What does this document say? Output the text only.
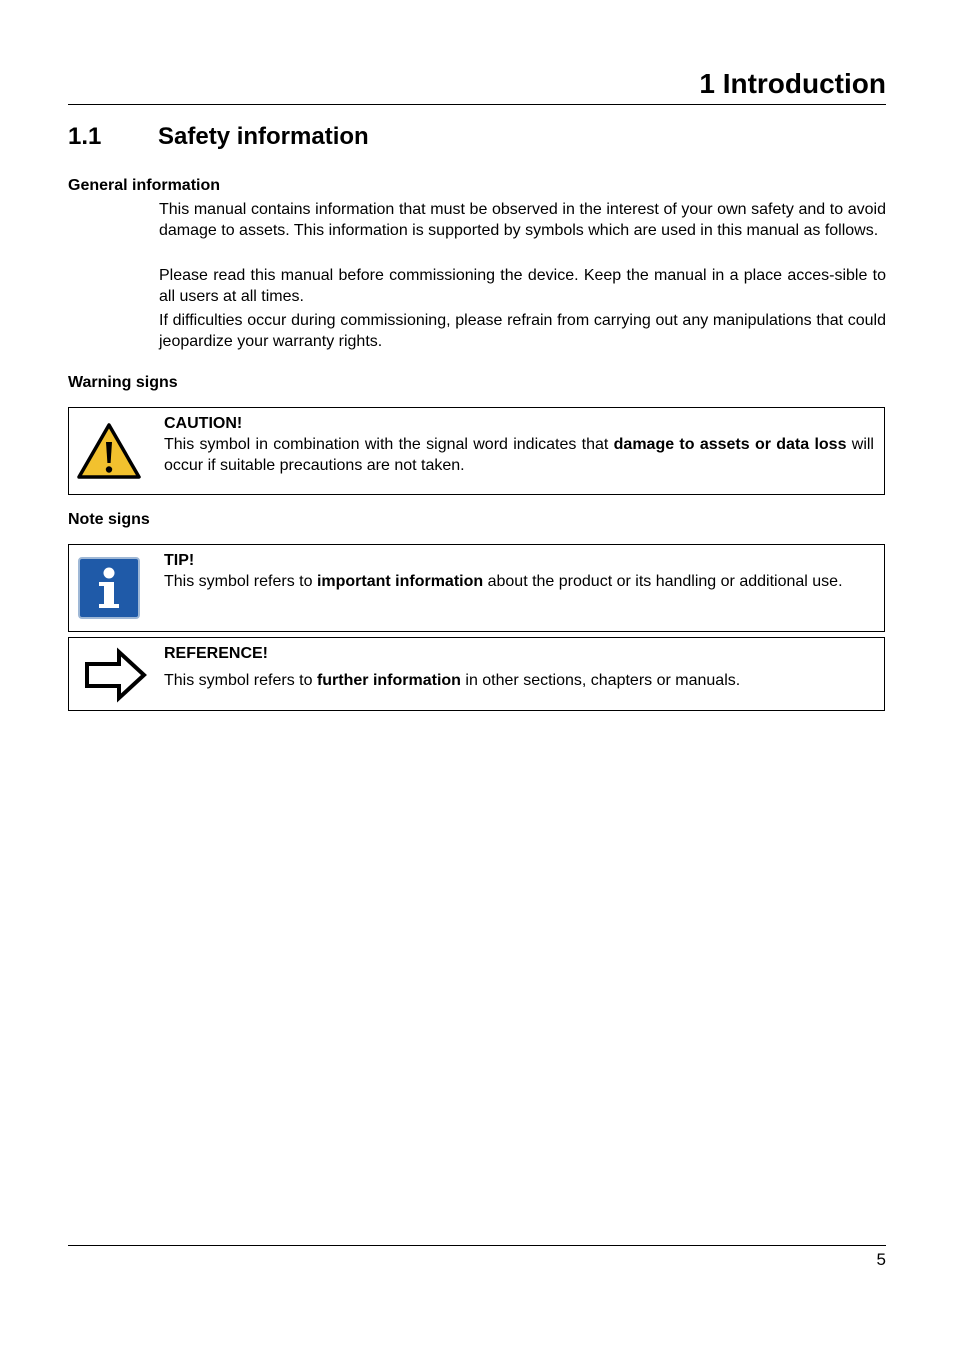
1 Introduction
1.1 Safety information
General information

This manual contains information that must be observed in the interest of your own safety and to avoid damage to assets. This information is supported by symbols which are used in this manual as follows.

Please read this manual before commissioning the device. Keep the manual in a place acces-sible to all users at all times.

If difficulties occur during commissioning, please refrain from carrying out any manipulations that could jeopardize your warranty rights.

Warning signs
CAUTION!

This symbol in combination with the signal word indicates that damage to assets or data loss will occur if suitable precautions are not taken.

Note signs
TIP!

This symbol refers to important information about the product or its handling or additional use.

REFERENCE!

This symbol refers to further information in other sections, chapters or manuals.

5
